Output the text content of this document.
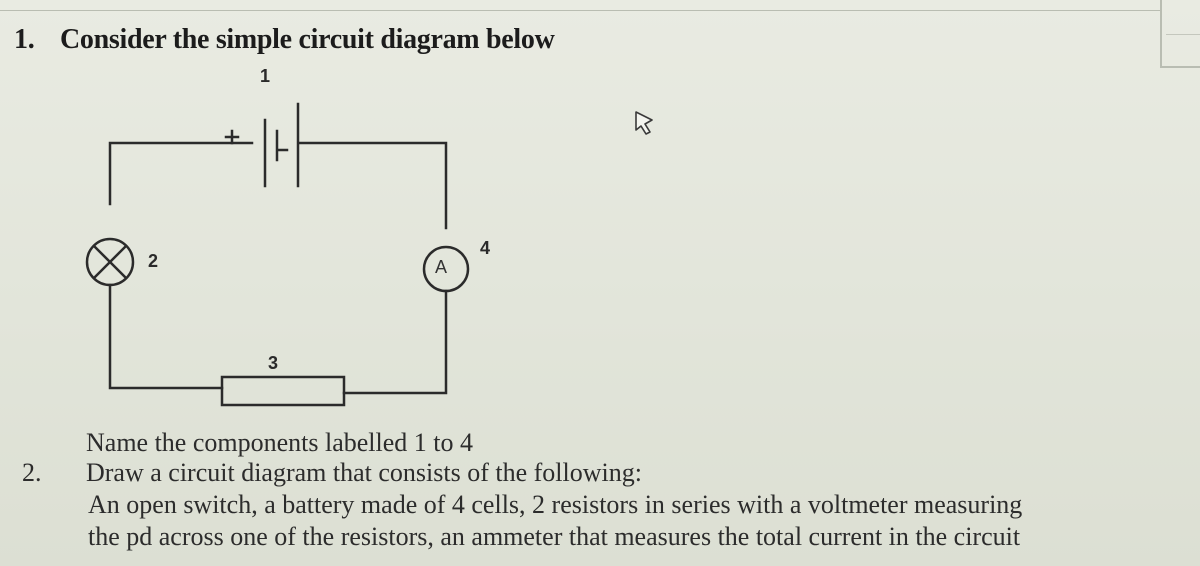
1. Consider the simple circuit diagram below
1
2
3
4
A
Name the components labelled 1 to 4
2. Draw a circuit diagram that consists of the following:
An open switch, a battery made of 4 cells, 2 resistors in series with a voltmeter measuring
the pd across one of the resistors, an ammeter that measures the total current in the circuit
